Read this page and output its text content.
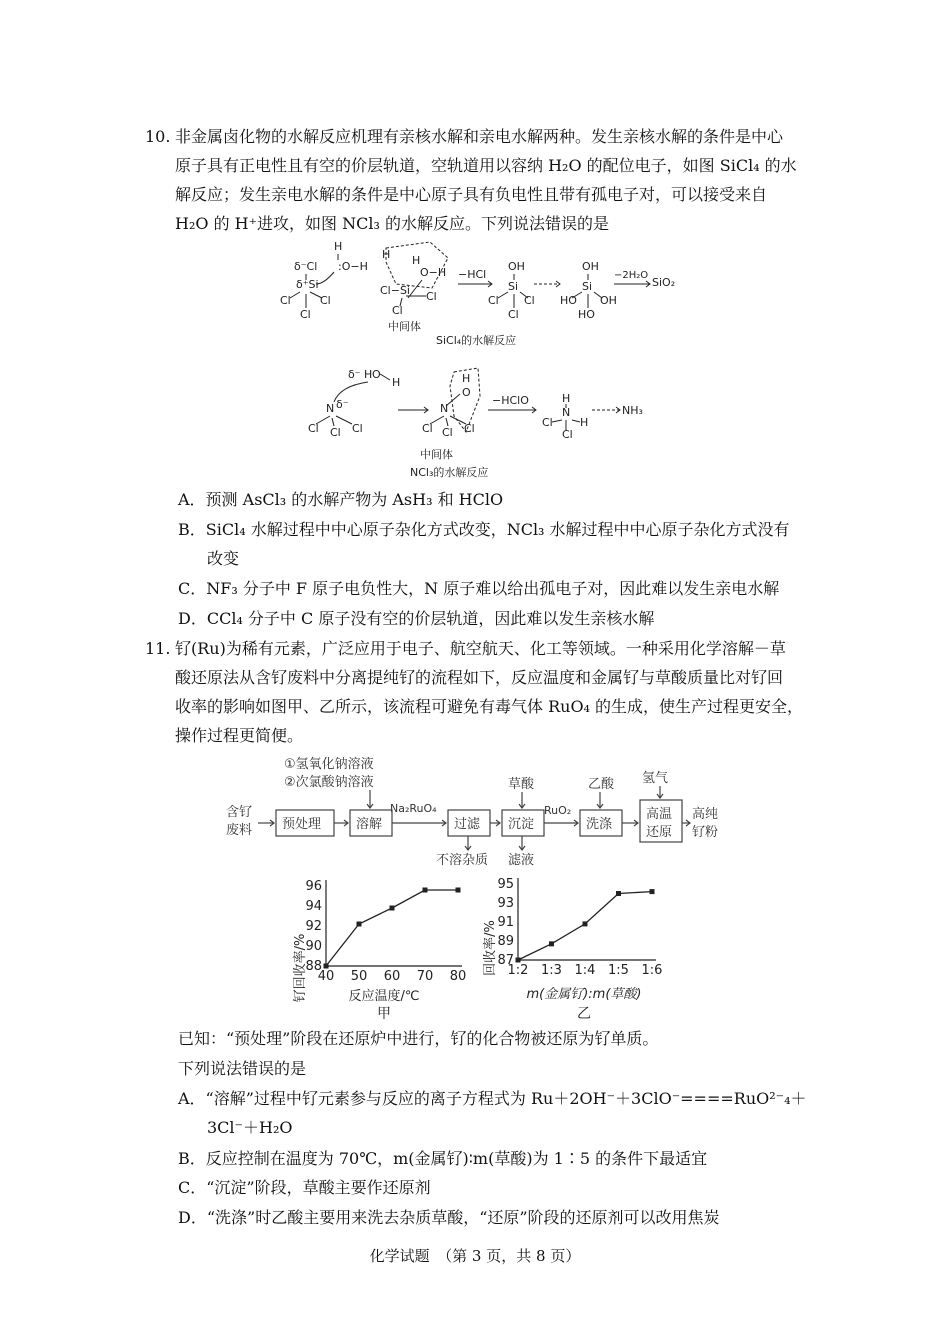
10. 非金属卤化物的水解反应机理有亲核水解和亲电水解两种。发生亲核水解的条件是中心
原子具有正电性且有空的价层轨道，空轨道用以容纳 H₂O 的配位电子，如图 SiCl₄ 的水
解反应；发生亲电水解的条件是中心原子具有负电性且带有孤电子对，可以接受来自
H₂O 的 H⁺进攻，如图 NCl₃ 的水解反应。下列说法错误的是
δ⁻Cl
δ⁺Si
Cl	Cl
Cl
H
:O−H
H H
O−H
Cl−Si Cl
Cl
中间体
−HCl
OH
Si
Cl Cl
Cl
OH
Si
HO OH
HO
−2H₂O
SiO₂
SiCl₄的水解反应
δ⁻ H O
H
N δ⁻
Cl Cl Cl
H
O
N
Cl Cl Cl
中间体
−HClO	H
N
Cl H
Cl
NH₃
NCl₃的水解反应
A．预测 AsCl₃ 的水解产物为 AsH₃ 和 HClO
B．SiCl₄ 水解过程中中心原子杂化方式改变，NCl₃ 水解过程中中心原子杂化方式没有
改变
C．NF₃ 分子中 F 原子电负性大，N 原子难以给出孤电子对，因此难以发生亲电水解
D．CCl₄ 分子中 C 原子没有空的价层轨道，因此难以发生亲核水解
11. 钌(Ru)为稀有元素，广泛应用于电子、航空航天、化工等领域。一种采用化学溶解－草
酸还原法从含钌废料中分离提纯钌的流程如下，反应温度和金属钌与草酸质量比对钌回
收率的影响如图甲、乙所示，该流程可避免有毒气体 RuO₄ 的生成，使生产过程更安全，
操作过程更简便。
①氢氧化钠溶液
②次氯酸钠溶液
含钌
废料 预处理	溶解	过滤 沉淀	洗涤
高温
还原
高纯
钌粉
Na₂RuO₄	RuO₂
草酸	乙酸 氢气
不溶杂质 滤液
40 50 60 70 80
88
90
92
94
96
钌回收率/%	反应温度/℃
甲
1:2 1:3 1:4 1:5 1:6
87
89
91
93
95
回收率/%
m(金属钌):m(草酸)
乙
已知：“预处理”阶段在还原炉中进行，钌的化合物被还原为钌单质。
下列说法错误的是
A．“溶解”过程中钌元素参与反应的离子方程式为 Ru＋2OH⁻＋3ClO⁻====RuO²⁻₄＋
3Cl⁻＋H₂O
B．反应控制在温度为 70℃，m(金属钌)∶m(草酸)为 1∶5 的条件下最适宜
C．“沉淀”阶段，草酸主要作还原剂
D．“洗涤”时乙酸主要用来洗去杂质草酸，“还原”阶段的还原剂可以改用焦炭
化学试题　（第 3 页，共 8 页）
